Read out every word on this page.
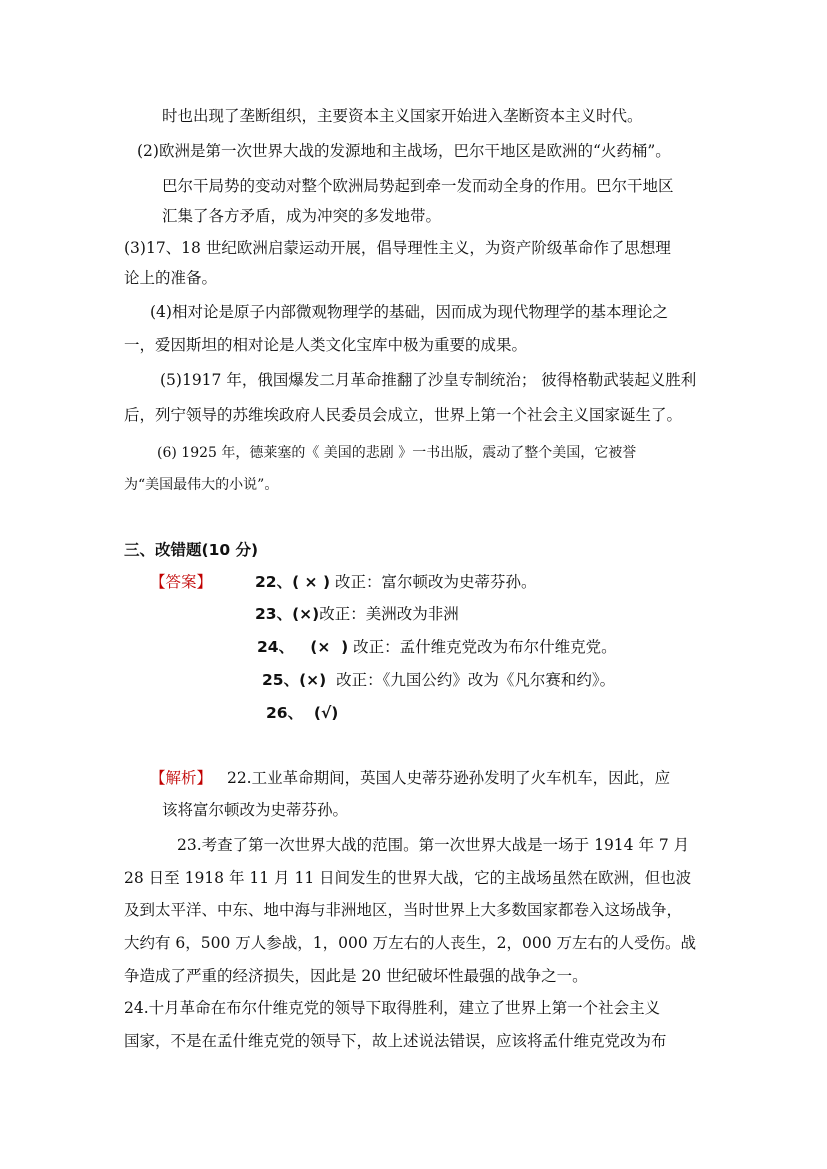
时也出现了垄断组织，主要资本主义国家开始进入垄断资本主义时代。
(2)欧洲是第一次世界大战的发源地和主战场，巴尔干地区是欧洲的“火药桶”。
巴尔干局势的变动对整个欧洲局势起到牵一发而动全身的作用。巴尔干地区
汇集了各方矛盾，成为冲突的多发地带。
(3)17、18 世纪欧洲启蒙运动开展，倡导理性主义，为资产阶级革命作了思想理
论上的准备。
(4)相对论是原子内部微观物理学的基础，因而成为现代物理学的基本理论之
一，爱因斯坦的相对论是人类文化宝库中极为重要的成果。
(5)1917 年，俄国爆发二月革命推翻了沙皇专制统治； 彼得格勒武装起义胜利
后，列宁领导的苏维埃政府人民委员会成立，世界上第一个社会主义国家诞生了。
(6) 1925 年，德莱塞的《 美国的悲剧 》一书出版，震动了整个美国，它被誉
为“美国最伟大的小说”。
三、改错题(10 分)
【答案】	22、( × ) 改正：富尔顿改为史蒂芬孙。
23、(×)改正：美洲改为非洲
24、   (×  ) 改正：孟什维克党改为布尔什维克党。
25、(×)  改正：《九国公约》改为《凡尔赛和约》。
26、  (√)
【解析】 22.工业革命期间，英国人史蒂芬逊孙发明了火车机车，因此，应
该将富尔顿改为史蒂芬孙。
23.考查了第一次世界大战的范围。第一次世界大战是一场于 1914 年 7 月
28 日至 1918 年 11 月 11 日间发生的世界大战，它的主战场虽然在欧洲，但也波
及到太平洋、中东、地中海与非洲地区，当时世界上大多数国家都卷入这场战争，
大约有 6，500 万人参战，1，000 万左右的人丧生，2，000 万左右的人受伤。战
争造成了严重的经济损失，因此是 20 世纪破坏性最强的战争之一。
24.十月革命在布尔什维克党的领导下取得胜利，建立了世界上第一个社会主义
国家，不是在孟什维克党的领导下，故上述说法错误，应该将孟什维克党改为布
